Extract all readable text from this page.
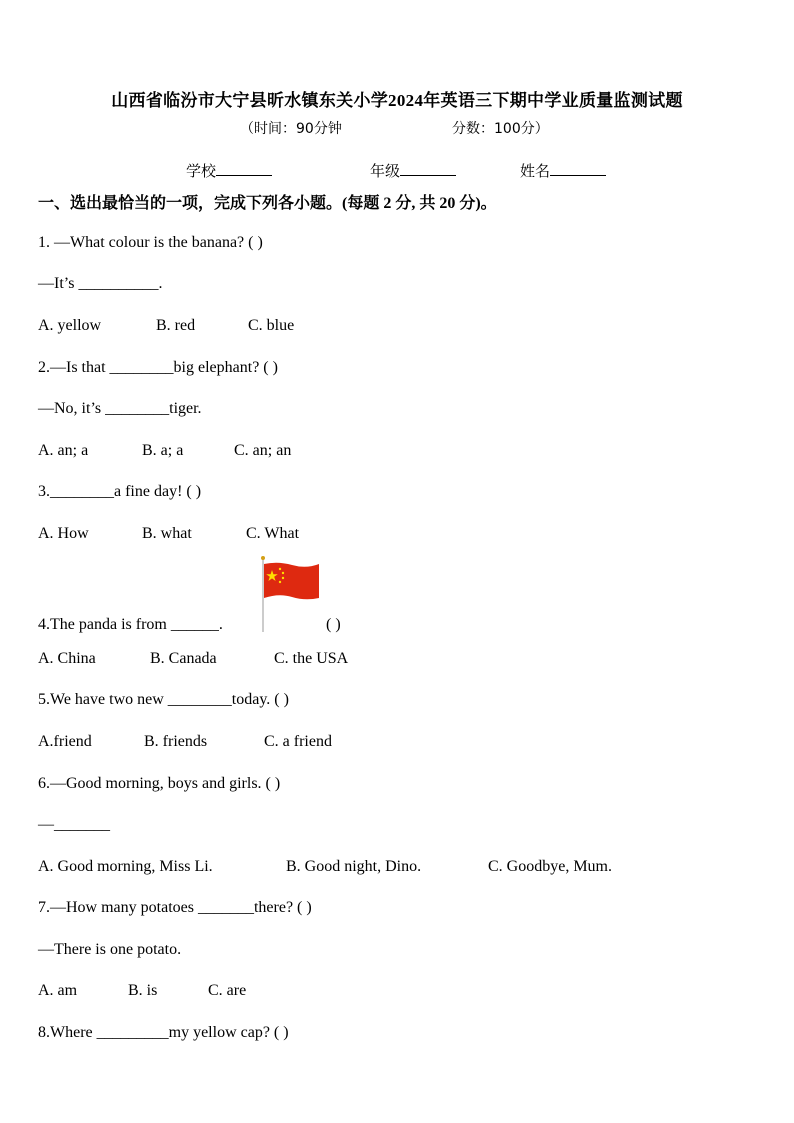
山西省临汾市大宁县昕水镇东关小学2024年英语三下期中学业质量监测试题
（时间：90分钟	分数：100分）
学校	年级	姓名
一、选出最恰当的一项，完成下列各小题。(每题 2 分, 共 20 分)。
1. —What colour is the banana? ( )
—It’s __________.
A. yellow	B. red	C. blue
2.—Is that ________big elephant? ( )
—No, it’s ________tiger.
A. an; a	B. a; a	C. an; an
3.________a fine day! ( )
A. How	B. what	C. What
4.The panda is from ______.	( )
A. China	B. Canada	C. the USA
5.We have two new ________today. ( )
A.friend	B. friends	C. a friend
6.—Good morning, boys and girls. ( )
—_______
A. Good morning, Miss Li.	B. Good night, Dino.	C. Goodbye, Mum.
7.—How many potatoes _______there? ( )
—There is one potato.
A. am	B. is	C. are
8.Where _________my yellow cap? ( )
